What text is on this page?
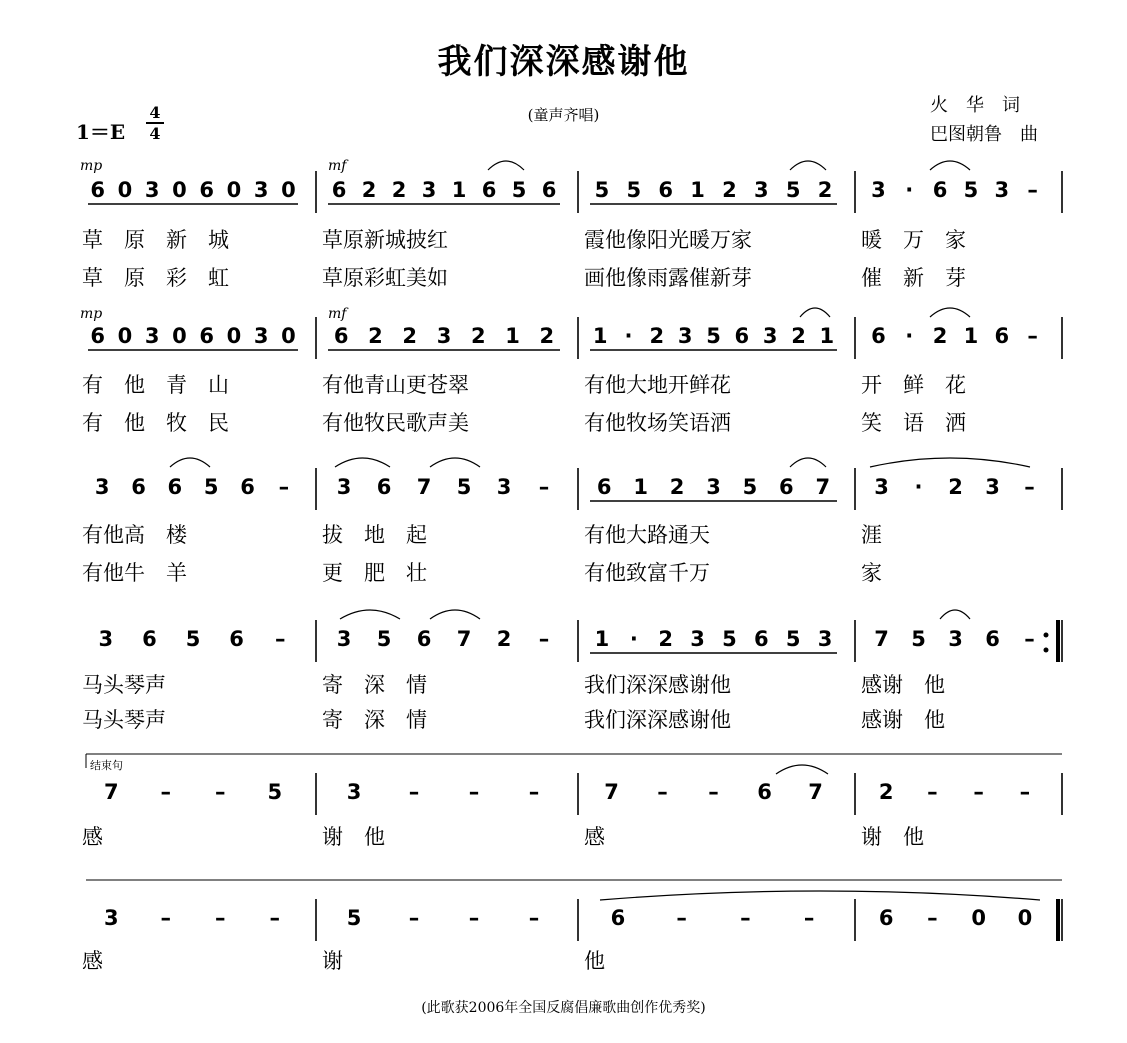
我们深深感谢他
(童声齐唱)	火　华　词
巴图朝鲁　曲
1＝E
4
4
mp	mf
mp	mf
结束句
6 0 3 0 6 0 3 0 6 2 2 3 1 6 5 6 5 5 6 1 2 3 5 2 3 · 6 5 3 –
草　原　新　城	草原新城披红	霞他像阳光暖万家	暖　万　家
草　原　彩　虹	草原彩虹美如	画他像雨露催新芽	催　新　芽
6 0 3 0 6 0 3 0 6 2 2 3 2 1 2 1 · 2 3 5 6 3 2 1 6 · 2 1 6 –
有　他　青　山	有他青山更苍翠	有他大地开鲜花	开　鲜　花
有　他　牧　民	有他牧民歌声美	有他牧场笑语洒	笑　语　洒
3 6 6 5 6 – 3 6 7 5 3 – 6 1 2 3 5 6 7 3 · 2 3 –
有他高　楼	拔　地　起	有他大路通天	涯
有他牛　羊	更　肥　壮	有他致富千万	家
3 6 5 6 – 3 5 6 7 2 – 1 · 2 3 5 6 5 3 7 5 3 6 –
马头琴声	寄　深　情	我们深深感谢他	感谢　他
马头琴声	寄　深　情	我们深深感谢他	感谢　他
7 – – 5	3 – – –	7 – – 6 7	2 – – –
感	谢　他	感	谢　他
3 – – –	5 – – –	6 –	–	–	6 – 0 0
感	谢	他
(此歌获2006年全国反腐倡廉歌曲创作优秀奖)
